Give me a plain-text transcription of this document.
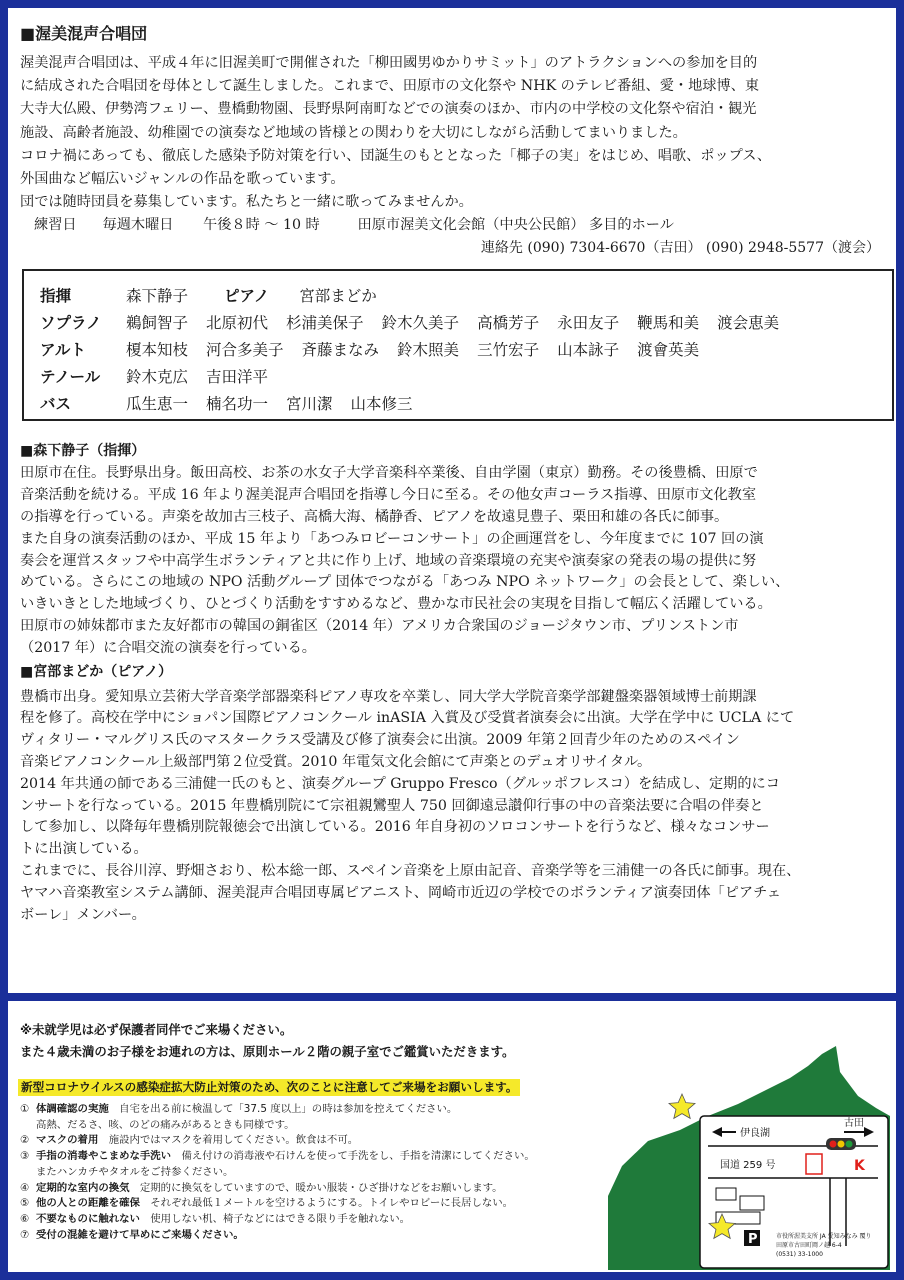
■渥美混声合唱団

渥美混声合唱団は、平成４年に旧渥美町で開催された「柳田國男ゆかりサミット」のアトラクションへの参加を目的

に結成された合唱団を母体として誕生しました。これまで、田原市の文化祭や NHK のテレビ番組、愛・地球博、東

大寺大仏殿、伊勢湾フェリー、豊橋動物園、長野県阿南町などでの演奏のほか、市内の中学校の文化祭や宿泊・観光

施設、高齢者施設、幼稚園での演奏など地域の皆様との関わりを大切にしながら活動してまいりました。

コロナ禍にあっても、徹底した感染予防対策を行い、団誕生のもととなった「椰子の実」をはじめ、唱歌、ポップス、

外国曲など幅広いジャンルの作品を歌っています。

団では随時団員を募集しています。私たちと一緒に歌ってみませんか。

練習日 毎週木曜日 午後８時 ～ 10 時	田原市渥美文化会館（中央公民館） 多目的ホール
連絡先 (090) 7304-6670（吉田） (090) 2948-5577（渡会）
指揮	森下静子 ピアノ 宮部まどか
ソプラノ	鵜飼智子 北原初代 杉浦美保子 鈴木久美子 高橋芳子 永田友子 鞭馬和美 渡会恵美
アルト	榎本知枝 河合多美子 斉藤まなみ 鈴木照美 三竹宏子 山本詠子 渡會英美
テノール	鈴木克広 吉田洋平
バス	瓜生恵一 楠名功一 宮川潔 山本修三
■森下静子（指揮）

田原市在住。長野県出身。飯田高校、お茶の水女子大学音楽科卒業後、自由学園（東京）勤務。その後豊橋、田原で

音楽活動を続ける。平成 16 年より渥美混声合唱団を指導し今日に至る。その他女声コーラス指導、田原市文化教室

の指導を行っている。声楽を故加古三枝子、高橋大海、橘静香、ピアノを故遠見豊子、栗田和雄の各氏に師事。

また自身の演奏活動のほか、平成 15 年より「あつみロビーコンサート」の企画運営をし、今年度までに 107 回の演

奏会を運営スタッフや中高学生ボランティアと共に作り上げ、地域の音楽環境の充実や演奏家の発表の場の提供に努

めている。さらにこの地域の NPO 活動グループ 団体でつながる「あつみ NPO ネットワーク」の会長として、楽しい、

いきいきとした地域づくり、ひとづくり活動をすすめるなど、豊かな市民社会の実現を目指して幅広く活躍している。

田原市の姉妹都市また友好都市の韓国の銅雀区（2014 年）アメリカ合衆国のジョージタウン市、プリンストン市

（2017 年）に合唱交流の演奏を行っている。

■宮部まどか（ピアノ）

豊橋市出身。愛知県立芸術大学音楽学部器楽科ピアノ専攻を卒業し、同大学大学院音楽学部鍵盤楽器領域博士前期課

程を修了。高校在学中にショパン国際ピアノコンクール inASIA 入賞及び受賞者演奏会に出演。大学在学中に UCLA にて

ヴィタリー・マルグリス氏のマスタークラス受講及び修了演奏会に出演。2009 年第２回青少年のためのスペイン

音楽ピアノコンクール上級部門第２位受賞。2010 年電気文化会館にて声楽とのデュオリサイタル。

2014 年共通の師である三浦健一氏のもと、演奏グループ Gruppo Fresco（グルッポフレスコ）を結成し、定期的にコ

ンサートを行なっている。2015 年豊橋別院にて宗祖親鸞聖人 750 回御遠忌讃仰行事の中の音楽法要に合唱の伴奏と

して参加し、以降毎年豊橋別院報徳会で出演している。2016 年自身初のソロコンサートを行うなど、様々なコンサー

トに出演している。

これまでに、長谷川淳、野畑さおり、松本総一郎、スペイン音楽を上原由記音、音楽学等を三浦健一の各氏に師事。現在、

ヤマハ音楽教室システム講師、渥美混声合唱団専属ピアニスト、岡崎市近辺の学校でのボランティア演奏団体「ピアチェ

ボーレ」メンバー。

※未就学児は必ず保護者同伴でご来場ください。
また４歳未満のお子様をお連れの方は、原則ホール２階の親子室でご鑑賞いただきます。
新型コロナウイルスの感染症拡大防止対策のため、次のことに注意してご来場をお願いします。
① 体調確認の実施　 自宅を出る前に検温して「37.5 度以上」の時は参加を控えてください。
高熱、だるさ、咳、のどの痛みがあるときも同様です。
② マスクの着用　 施設内ではマスクを着用してください。飲食は不可。
③ 手指の消毒やこまめな手洗い　 備え付けの消毒液や石けんを使って手洗をし、手指を清潔にしてください。
またハンカチやタオルをご持参ください。
④ 定期的な室内の換気　 定期的に換気をしていますので、暖かい服装・ひざ掛けなどをお願いします。
⑤ 他の人との距離を確保　 それぞれ最低１メートルを空けるようにする。トイレやロビーに長居しない。
⑥ 不要なものに触れない　 使用しない机、椅子などにはできる限り手を触れない。
⑦ 受付の混雑を避けて早めにご来場ください。　
伊良湖
古田
国道 259 号	K
P	市役所渥美支所 JA 愛知みなみ 覆り
田原市古田町岡ノ越 6-4
(0531) 33-1000
